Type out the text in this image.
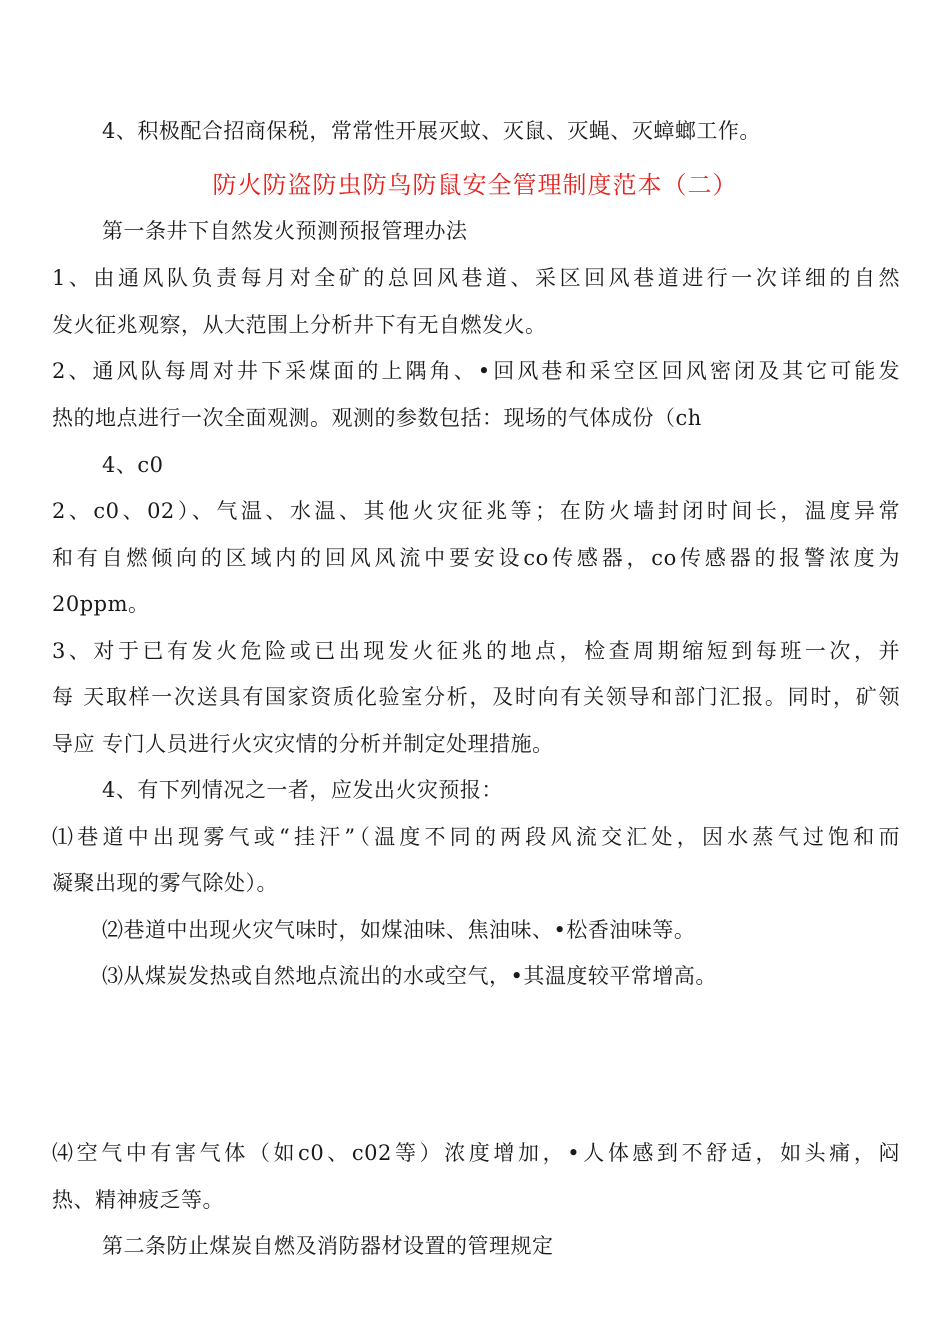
4、积极配合招商保税，常常性开展灭蚊、灭鼠、灭蝇、灭蟑螂工作。
防火防盗防虫防鸟防鼠安全管理制度范本（二）
第一条井下自然发火预测预报管理办法
1、由通风队负责每月对全矿的总回风巷道、采区回风巷道进行一次详细的自然
发火征兆观察，从大范围上分析井下有无自燃发火。
2、通风队每周对井下采煤面的上隅角、•回风巷和采空区回风密闭及其它可能发
热的地点进行一次全面观测。观测的参数包括：现场的气体成份（ch
4、c0
2、c0、02）、气温、水温、其他火灾征兆等；在防火墙封闭时间长，温度异常
和有自燃倾向的区域内的回风风流中要安设co传感器，co传感器的报警浓度为
20ppm。
3、对于已有发火危险或已出现发火征兆的地点，检查周期缩短到每班一次，并
每 天取样一次送具有国家资质化验室分析，及时向有关领导和部门汇报。同时，矿领
导应 专门人员进行火灾灾情的分析并制定处理措施。
4、有下列情况之一者，应发出火灾预报：
⑴巷道中出现雾气或“挂汗”（温度不同的两段风流交汇处，因水蒸气过饱和而
凝聚出现的雾气除处）。
⑵巷道中出现火灾气味时，如煤油味、焦油味、•松香油味等。
⑶从煤炭发热或自然地点流出的水或空气，•其温度较平常增高。
⑷空气中有害气体（如c0、c02等）浓度增加，•人体感到不舒适，如头痛，闷
热、精神疲乏等。
第二条防止煤炭自燃及消防器材设置的管理规定
